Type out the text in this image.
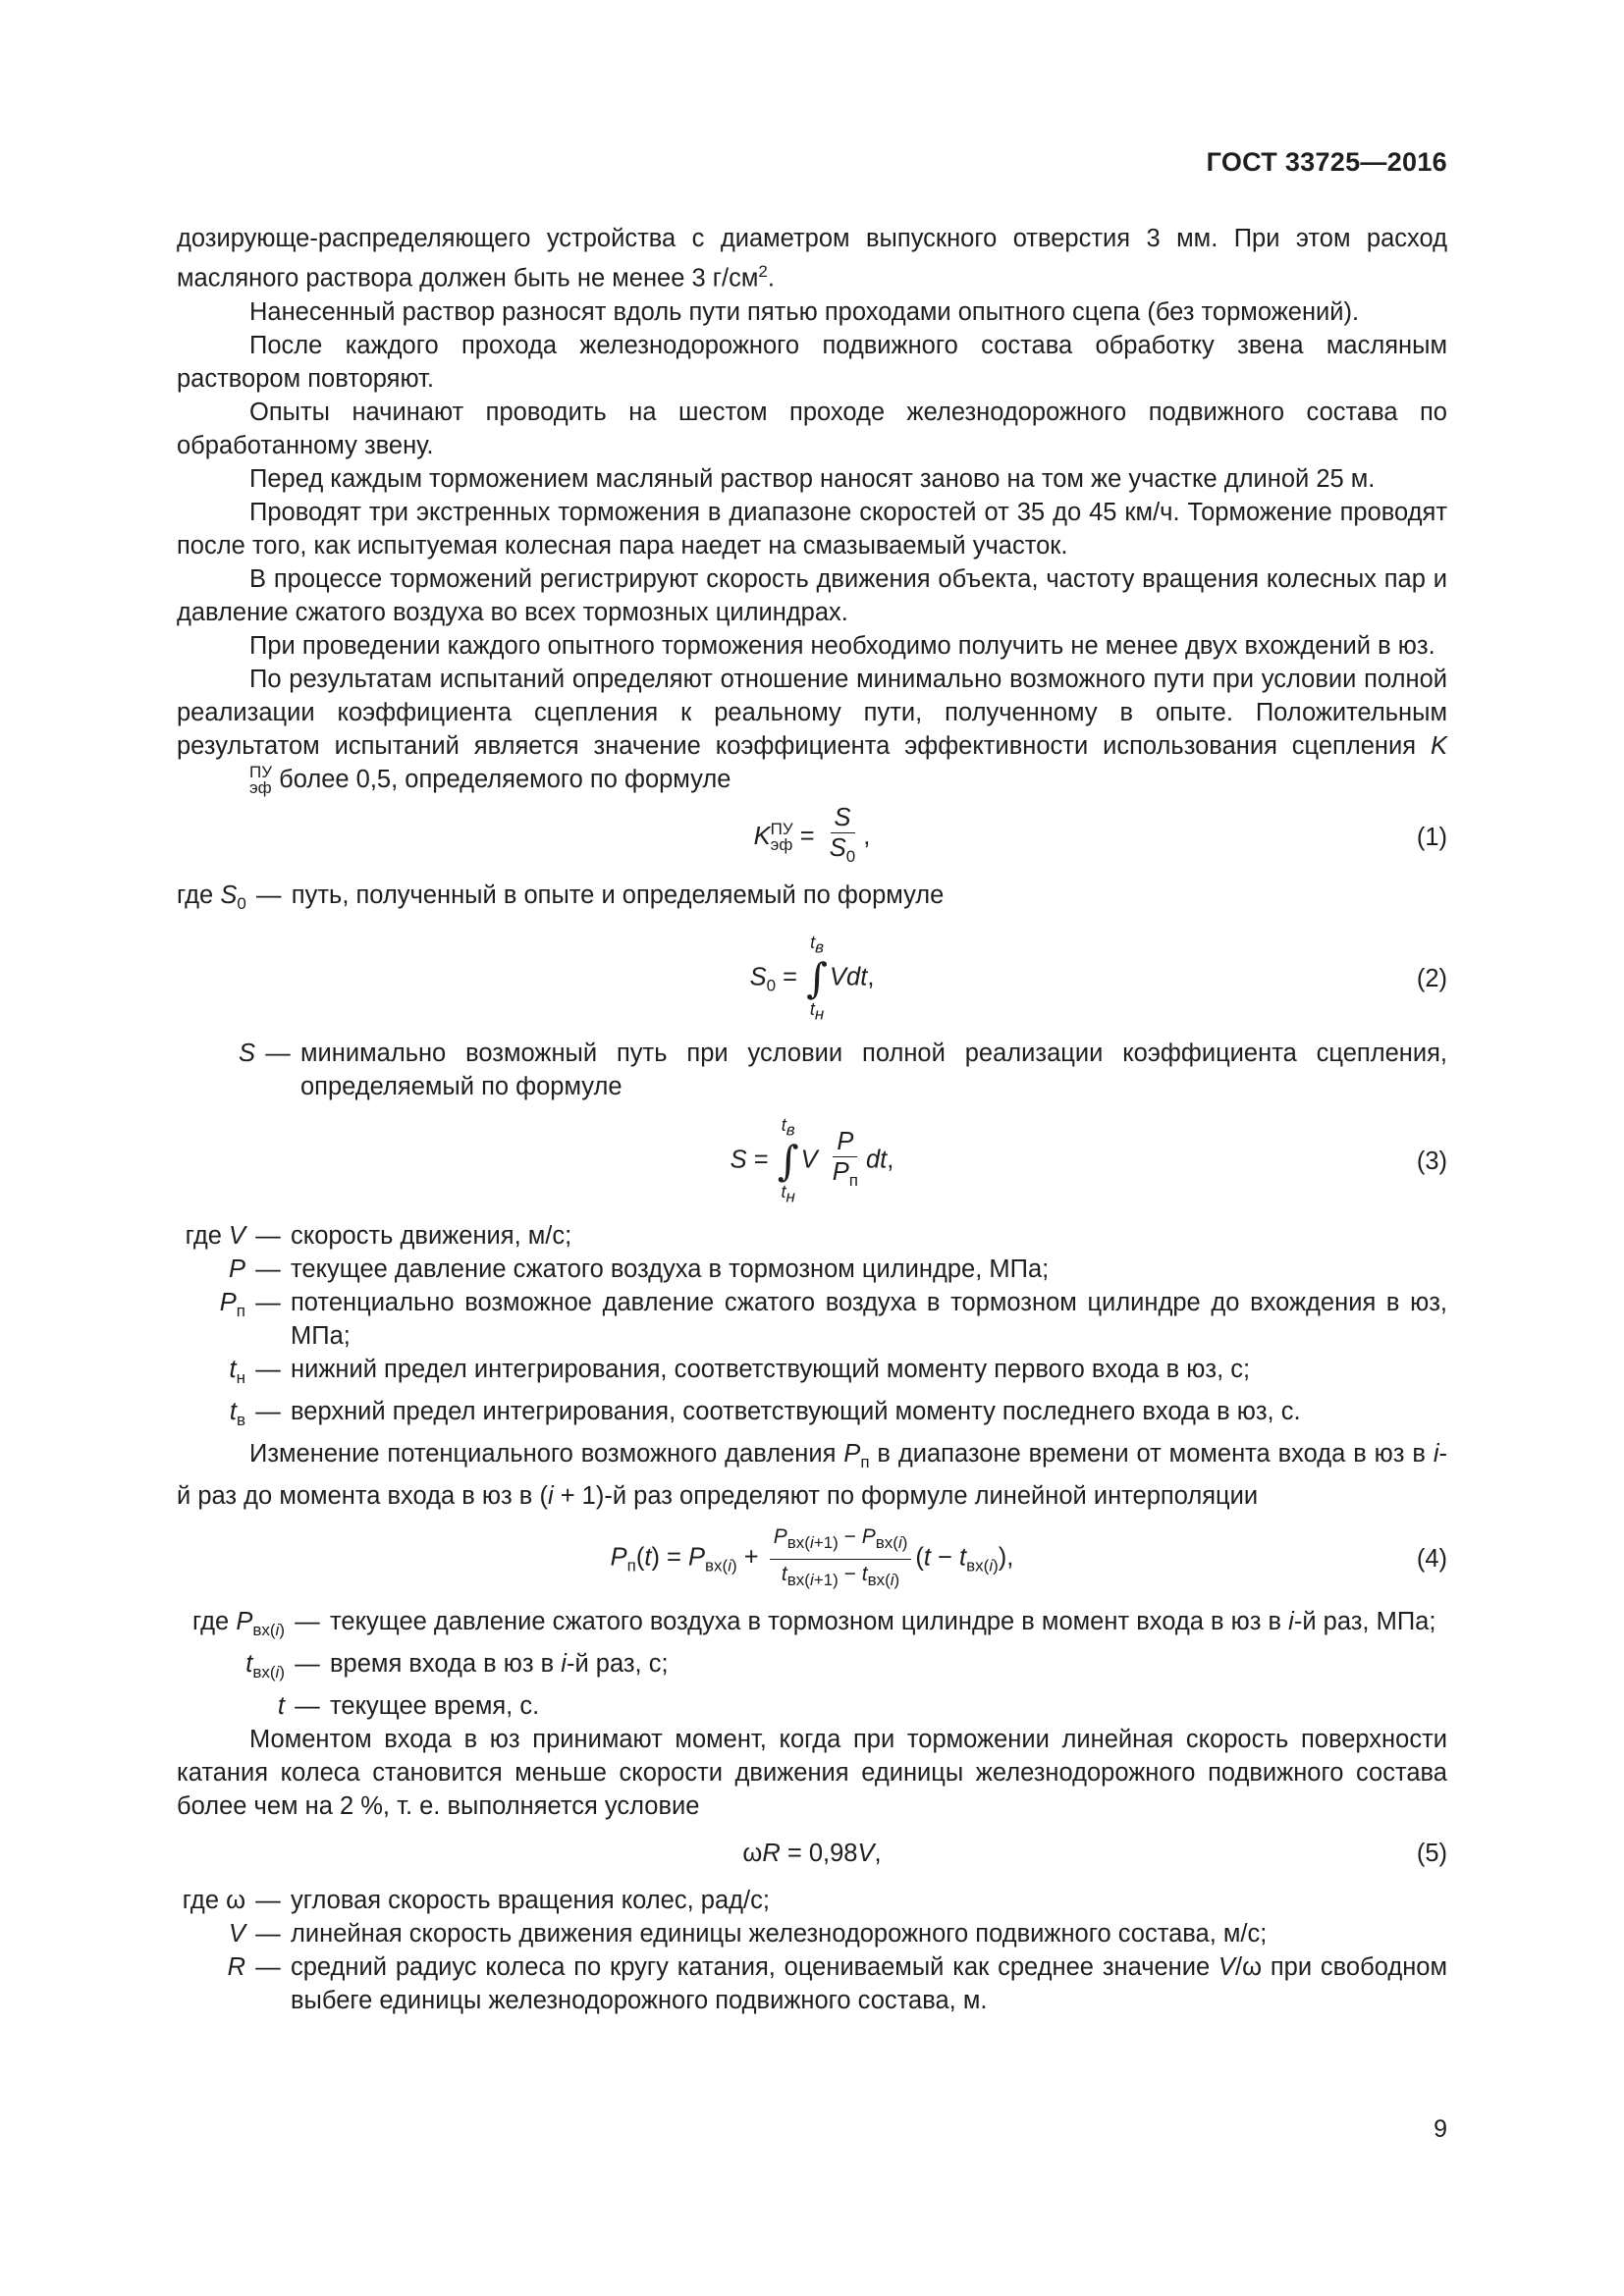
ГОСТ 33725—2016

дозирующе-распределяющего устройства с диаметром выпускного отверстия 3 мм. При этом расход масляного раствора должен быть не менее 3 $г/см^2$.

Нанесенный раствор разносят вдоль пути пятью проходами опытного сцепа (без торможений).

После каждого прохода железнодорожного подвижного состава обработку звена масляным раствором повторяют.

Опыты начинают проводить на шестом проходе железнодорожного подвижного состава по обработанному звену.

Перед каждым торможением масляный раствор наносят заново на том же участке длиной 25 м.

Проводят три экстренных торможения в диапазоне скоростей от 35 до 45 км/ч. Торможение проводят после того, как испытуемая колесная пара наедет на смазываемый участок.

В процессе торможений регистрируют скорость движения объекта, частоту вращения колесных пар и давление сжатого воздуха во всех тормозных цилиндрах.

При проведении каждого опытного торможения необходимо получить не менее двух вхождений в юз.

По результатам испытаний определяют отношение минимально возможного пути при условии полной реализации коэффициента сцепления к реальному пути, полученному в опыте. Положительным результатом испытаний является значение коэффициента эффективности использования сцепления K
ПУ
эф более 0,5, определяемого по формуле

K ПУ
эф = $\frac{S}{S_0}$ ,	(1)
где $S_0$ — путь, полученный в опыте и определяемый по формуле
$S_0$ =
$t_в$
∫
$t_н$
Vdt,	(2)
S — минимально возможный путь при условии полной реализации коэффициента сцепления, определяемый по формуле
S =
$t_в$
∫
$t_н$
V $\frac{P}{P_п}$ dt,	(3)
где V — скорость движения, м/с;
P — текущее давление сжатого воздуха в тормозном цилиндре, МПа;
$P_п$ — потенциально возможное давление сжатого воздуха в тормозном цилиндре до вхождения в юз, МПа;
$t_н$ — нижний предел интегрирования, соответствующий моменту первого входа в юз, с;
$t_в$ — верхний предел интегрирования, соответствующий моменту последнего входа в юз, с.

Изменение потенциального возможного давления $P_п$ в диапазоне времени от момента входа в юз в i-й раз до момента входа в юз в (i + 1)-й раз определяют по формуле линейной интерполяции

$P_п(t) = P_{вх(i)} + \frac{P_{вх(i+1)} - P_{вх(i)}}{t_{вх(i+1)} - t_{вх(i)}} (t - t_{вх(i)})$,	(4)
где $P_{вх(i)}$ — текущее давление сжатого воздуха в тормозном цилиндре в момент входа в юз в i-й раз, МПа;
$t_{вх(i)}$ — время входа в юз в i-й раз, с;
t — текущее время, с.

Моментом входа в юз принимают момент, когда при торможении линейная скорость поверхности катания колеса становится меньше скорости движения единицы железнодорожного подвижного состава более чем на 2 %, т. е. выполняется условие

ωR = 0,98V,	(5)
где ω — угловая скорость вращения колес, рад/с;
V — линейная скорость движения единицы железнодорожного подвижного состава, м/с;
R — средний радиус колеса по кругу катания, оцениваемый как среднее значение V/ω при свободном выбеге единицы железнодорожного подвижного состава, м.
9
